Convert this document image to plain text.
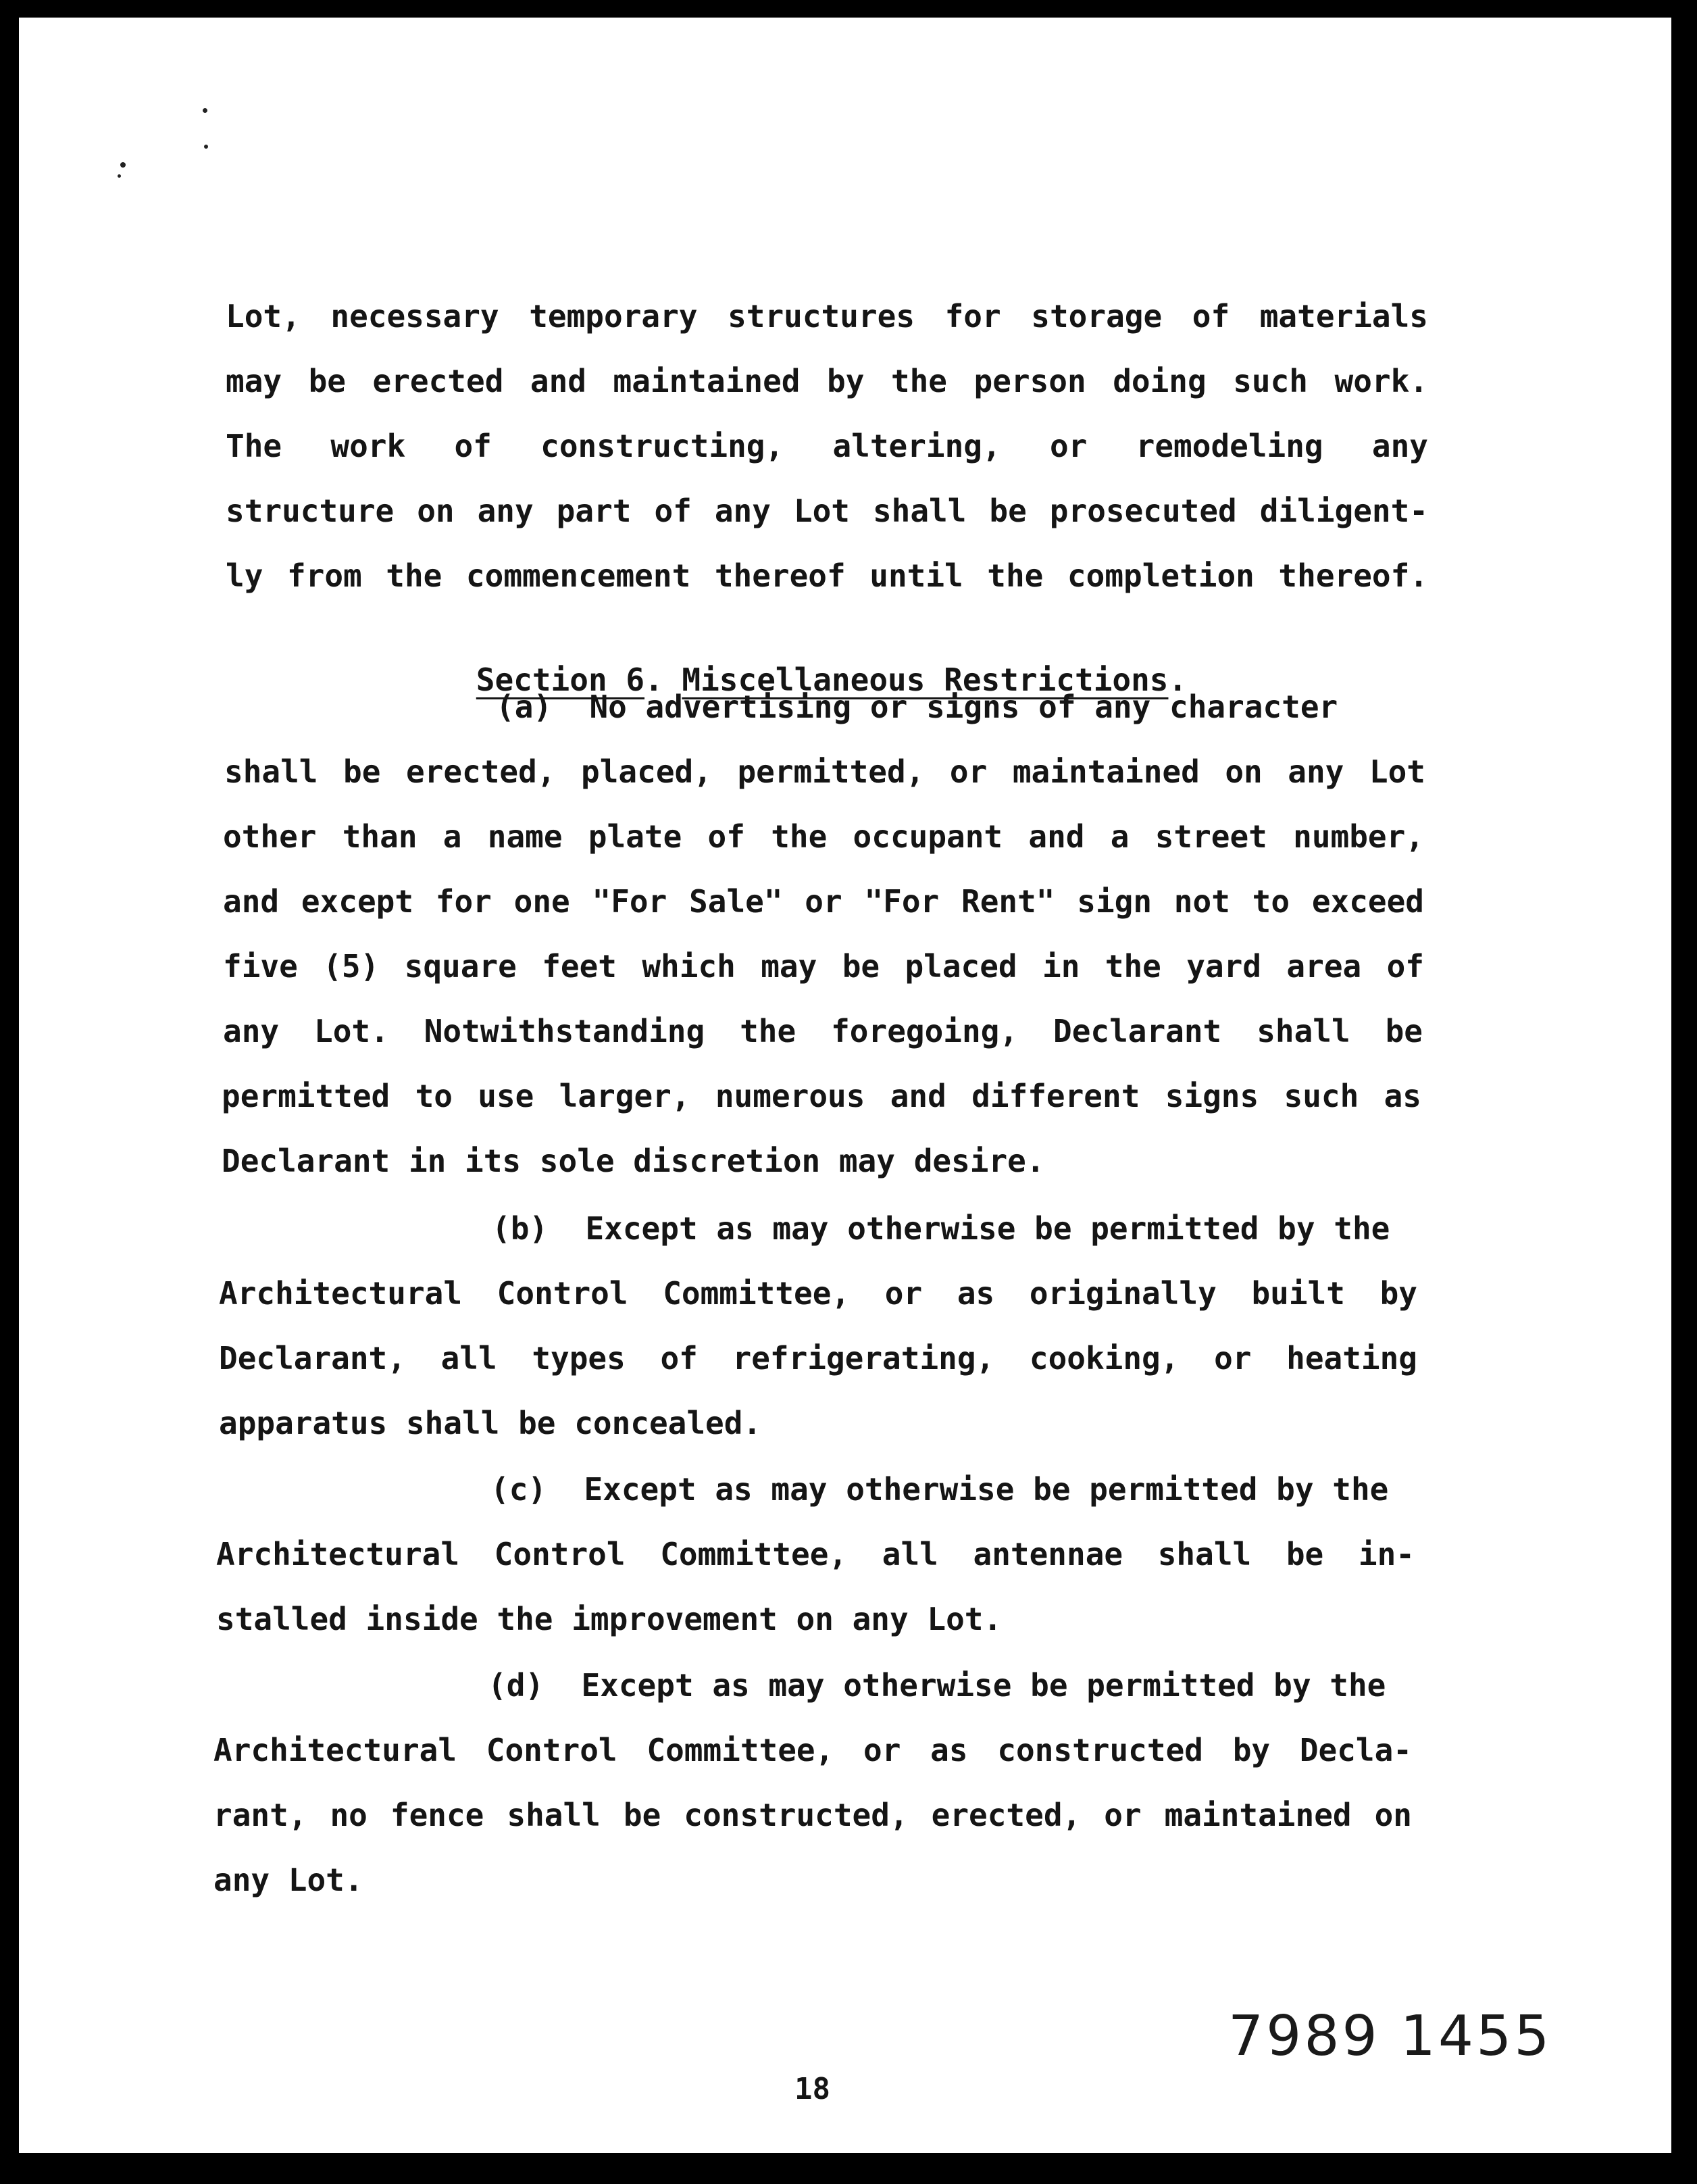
Lot, necessary temporary structures for storage of materials

may be erected and maintained by the person doing such work.

The work of constructing, altering, or remodeling any

structure on any part of any Lot shall be prosecuted diligent-

ly from the commencement thereof until the completion thereof.

Section 6. Miscellaneous Restrictions.

(a)  No advertising or signs of any character

shall be erected, placed, permitted, or maintained on any Lot

other than a name plate of the occupant and a street number,

and except for one "For Sale" or "For Rent" sign not to exceed

five (5) square feet which may be placed in the yard area of

any Lot. Notwithstanding the foregoing, Declarant shall be

permitted to use larger, numerous and different signs such as

Declarant in its sole discretion may desire.

(b)  Except as may otherwise be permitted by the

Architectural Control Committee, or as originally built by

Declarant, all types of refrigerating, cooking, or heating

apparatus shall be concealed.

(c)  Except as may otherwise be permitted by the

Architectural Control Committee, all antennae shall be in-

stalled inside the improvement on any Lot.

(d)  Except as may otherwise be permitted by the

Architectural Control Committee, or as constructed by Decla-

rant, no fence shall be constructed, erected, or maintained on

any Lot.

7989 1455

18
